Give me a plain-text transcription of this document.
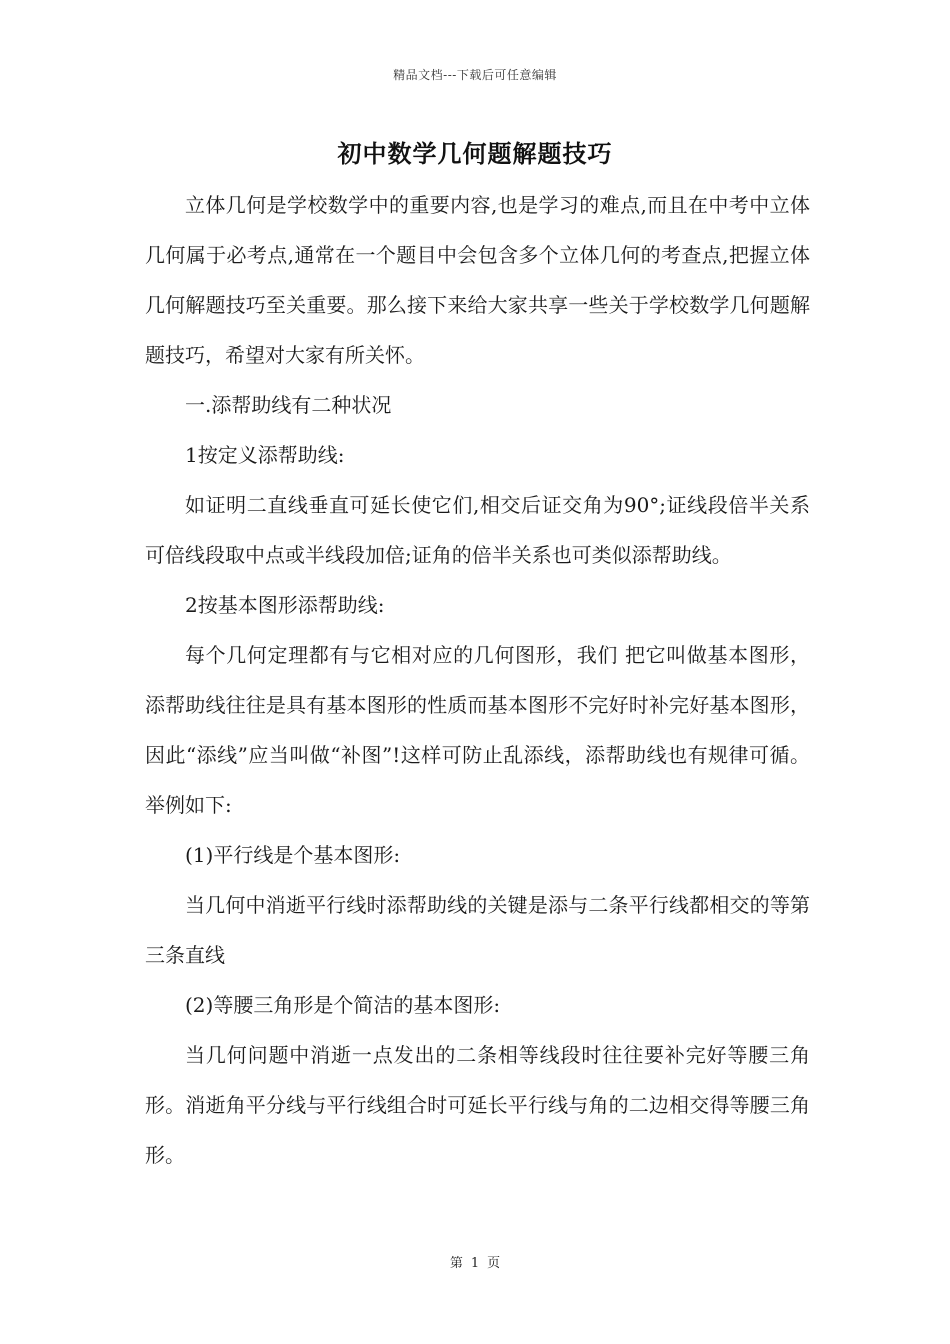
精品文档---下载后可任意编辑
初中数学几何题解题技巧

立体几何是学校数学中的重要内容,也是学习的难点,而且在中考中立体几何属于必考点,通常在一个题目中会包含多个立体几何的考查点,把握立体几何解题技巧至关重要。那么接下来给大家共享一些关于学校数学几何题解题技巧，希望对大家有所关怀。

一.添帮助线有二种状况

1按定义添帮助线:

如证明二直线垂直可延长使它们,相交后证交角为90°;证线段倍半关系可倍线段取中点或半线段加倍;证角的倍半关系也可类似添帮助线。

2按基本图形添帮助线:

每个几何定理都有与它相对应的几何图形，我们 把它叫做基本图形，添帮助线往往是具有基本图形的性质而基本图形不完好时补完好基本图形，因此“添线”应当叫做“补图”!这样可防止乱添线，添帮助线也有规律可循。举例如下:

(1)平行线是个基本图形:

当几何中消逝平行线时添帮助线的关键是添与二条平行线都相交的等第三条直线

(2)等腰三角形是个简洁的基本图形:

当几何问题中消逝一点发出的二条相等线段时往往要补完好等腰三角形。消逝角平分线与平行线组合时可延长平行线与角的二边相交得等腰三角形。

第 1 页
